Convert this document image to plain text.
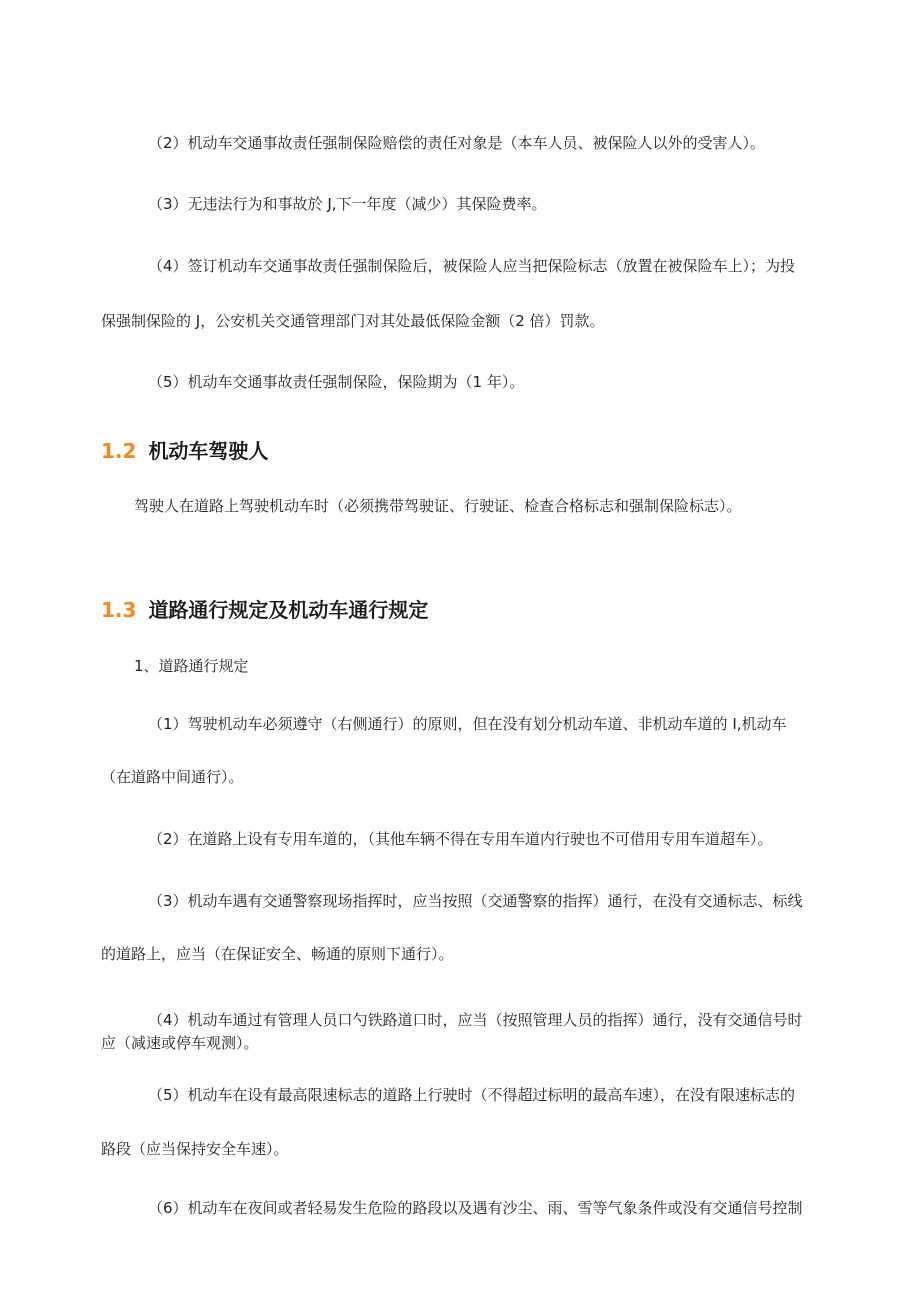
（2）机动车交通事故责任强制保险赔偿的责任对象是（本车人员、被保险人以外的受害人）。

（3）无违法行为和事故於 J,下一年度（减少）其保险费率。

（4）签订机动车交通事故责任强制保险后，被保险人应当把保险标志（放置在被保险车上）；为投

保强制保险的 J，公安机关交通管理部门对其处最低保险金额（2 倍）罚款。

（5）机动车交通事故责任强制保险，保险期为（1 年）。

1.2 机动车驾驶人

驾驶人在道路上驾驶机动车时（必须携带驾驶证、行驶证、检查合格标志和强制保险标志）。

1.3 道路通行规定及机动车通行规定

1、道路通行规定

（1）驾驶机动车必须遵守（右侧通行）的原则，但在没有划分机动车道、非机动车道的 I,机动车

（在道路中间通行）。

（2）在道路上设有专用车道的，（其他车辆不得在专用车道内行驶也不可借用专用车道超车）。

（3）机动车遇有交通警察现场指挥时，应当按照（交通警察的指挥）通行，在没有交通标志、标线

的道路上，应当（在保证安全、畅通的原则下通行）。

（4）机动车通过有管理人员口勺铁路道口时，应当（按照管理人员的指挥）通行，没有交通信号时

应（减速或停车观测）。

（5）机动车在设有最高限速标志的道路上行驶时（不得超过标明的最高车速），在没有限速标志的

路段（应当保持安全车速）。

（6）机动车在夜间或者轻易发生危险的路段以及遇有沙尘、雨、雪等气象条件或没有交通信号控制
